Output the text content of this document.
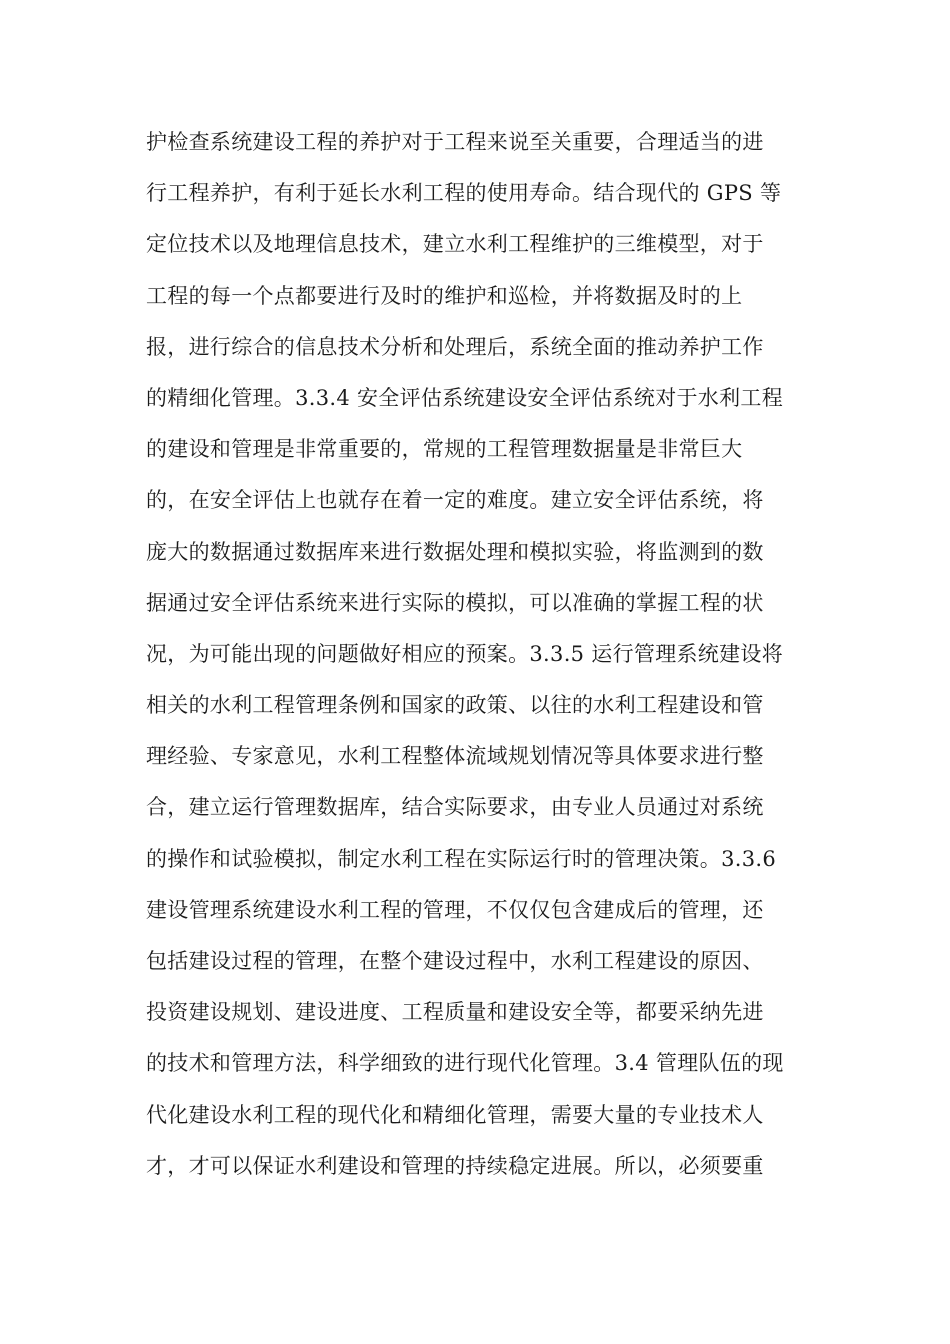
护检查系统建设工程的养护对于工程来说至关重要，合理适当的进
行工程养护，有利于延长水利工程的使用寿命。结合现代的 GPS 等
定位技术以及地理信息技术，建立水利工程维护的三维模型，对于
工程的每一个点都要进行及时的维护和巡检，并将数据及时的上
报，进行综合的信息技术分析和处理后，系统全面的推动养护工作
的精细化管理。3.3.4 安全评估系统建设安全评估系统对于水利工程
的建设和管理是非常重要的，常规的工程管理数据量是非常巨大
的，在安全评估上也就存在着一定的难度。建立安全评估系统，将
庞大的数据通过数据库来进行数据处理和模拟实验，将监测到的数
据通过安全评估系统来进行实际的模拟，可以准确的掌握工程的状
况，为可能出现的问题做好相应的预案。3.3.5 运行管理系统建设将
相关的水利工程管理条例和国家的政策、以往的水利工程建设和管
理经验、专家意见，水利工程整体流域规划情况等具体要求进行整
合，建立运行管理数据库，结合实际要求，由专业人员通过对系统
的操作和试验模拟，制定水利工程在实际运行时的管理决策。3.3.6
建设管理系统建设水利工程的管理，不仅仅包含建成后的管理，还
包括建设过程的管理，在整个建设过程中，水利工程建设的原因、
投资建设规划、建设进度、工程质量和建设安全等，都要采纳先进
的技术和管理方法，科学细致的进行现代化管理。3.4 管理队伍的现
代化建设水利工程的现代化和精细化管理，需要大量的专业技术人
才，才可以保证水利建设和管理的持续稳定进展。所以，必须要重
